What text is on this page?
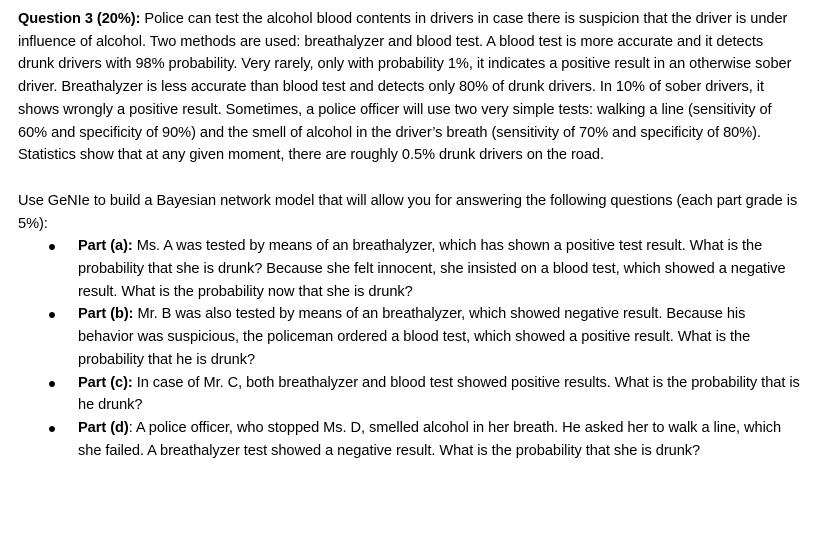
Question 3 (20%): Police can test the alcohol blood contents in drivers in case there is suspicion that the driver is under influence of alcohol. Two methods are used: breathalyzer and blood test. A blood test is more accurate and it detects drunk drivers with 98% probability. Very rarely, only with probability 1%, it indicates a positive result in an otherwise sober driver. Breathalyzer is less accurate than blood test and detects only 80% of drunk drivers. In 10% of sober drivers, it shows wrongly a positive result. Sometimes, a police officer will use two very simple tests: walking a line (sensitivity of 60% and specificity of 90%) and the smell of alcohol in the driver’s breath (sensitivity of 70% and specificity of 80%). Statistics show that at any given moment, there are roughly 0.5% drunk drivers on the road.

Use GeNIe to build a Bayesian network model that will allow you for answering the following questions (each part grade is 5%):

Part (a): Ms. A was tested by means of an breathalyzer, which has shown a positive test result. What is the probability that she is drunk? Because she felt innocent, she insisted on a blood test, which showed a negative result. What is the probability now that she is drunk?
Part (b): Mr. B was also tested by means of an breathalyzer, which showed negative result. Because his behavior was suspicious, the policeman ordered a blood test, which showed a positive result. What is the probability that he is drunk?
Part (c): In case of Mr. C, both breathalyzer and blood test showed positive results. What is the probability that is he drunk?
Part (d): A police officer, who stopped Ms. D, smelled alcohol in her breath. He asked her to walk a line, which she failed. A breathalyzer test showed a negative result. What is the probability that she is drunk?
